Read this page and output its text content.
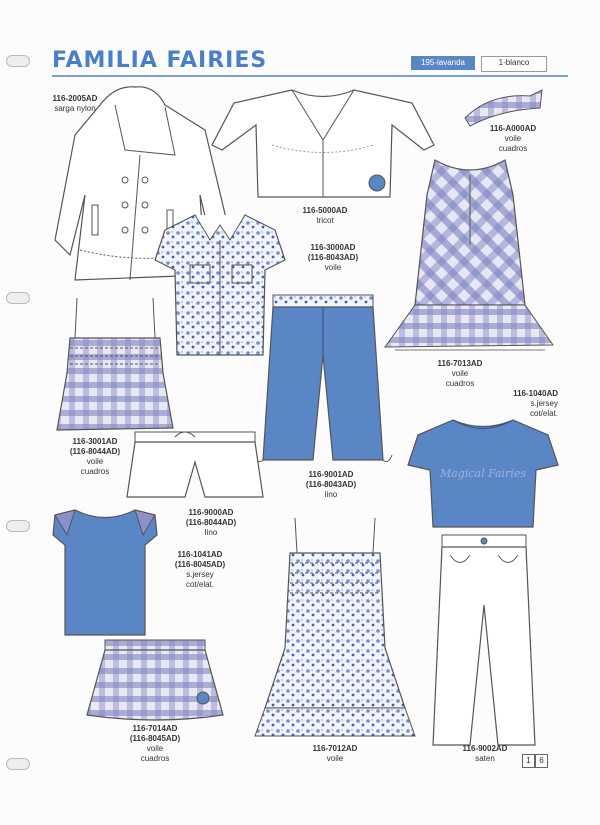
FAMILIA FAIRIES	195-lavanda	1-blanco
116-2005AD
sarga nylon
116-5000AD
tricot
116-A000AD
voile
cuadros
116-3000AD
(116-8043AD)
voile
116-7013AD
voile
cuadros
116-3001AD
(116-8044AD)
voile
cuadros	116-9001AD
(116-8043AD)
lino
Magical Fairies
116-1040AD
s.jersey
cot/elat.
116-9000AD
(116-8044AD)
lino
116-1041AD
(116-8045AD)
s.jersey
cot/elat.
116-7014AD
(116-8045AD)
voile
cuadros
116-7012AD
voile
116-9002AD
saten	1	6
